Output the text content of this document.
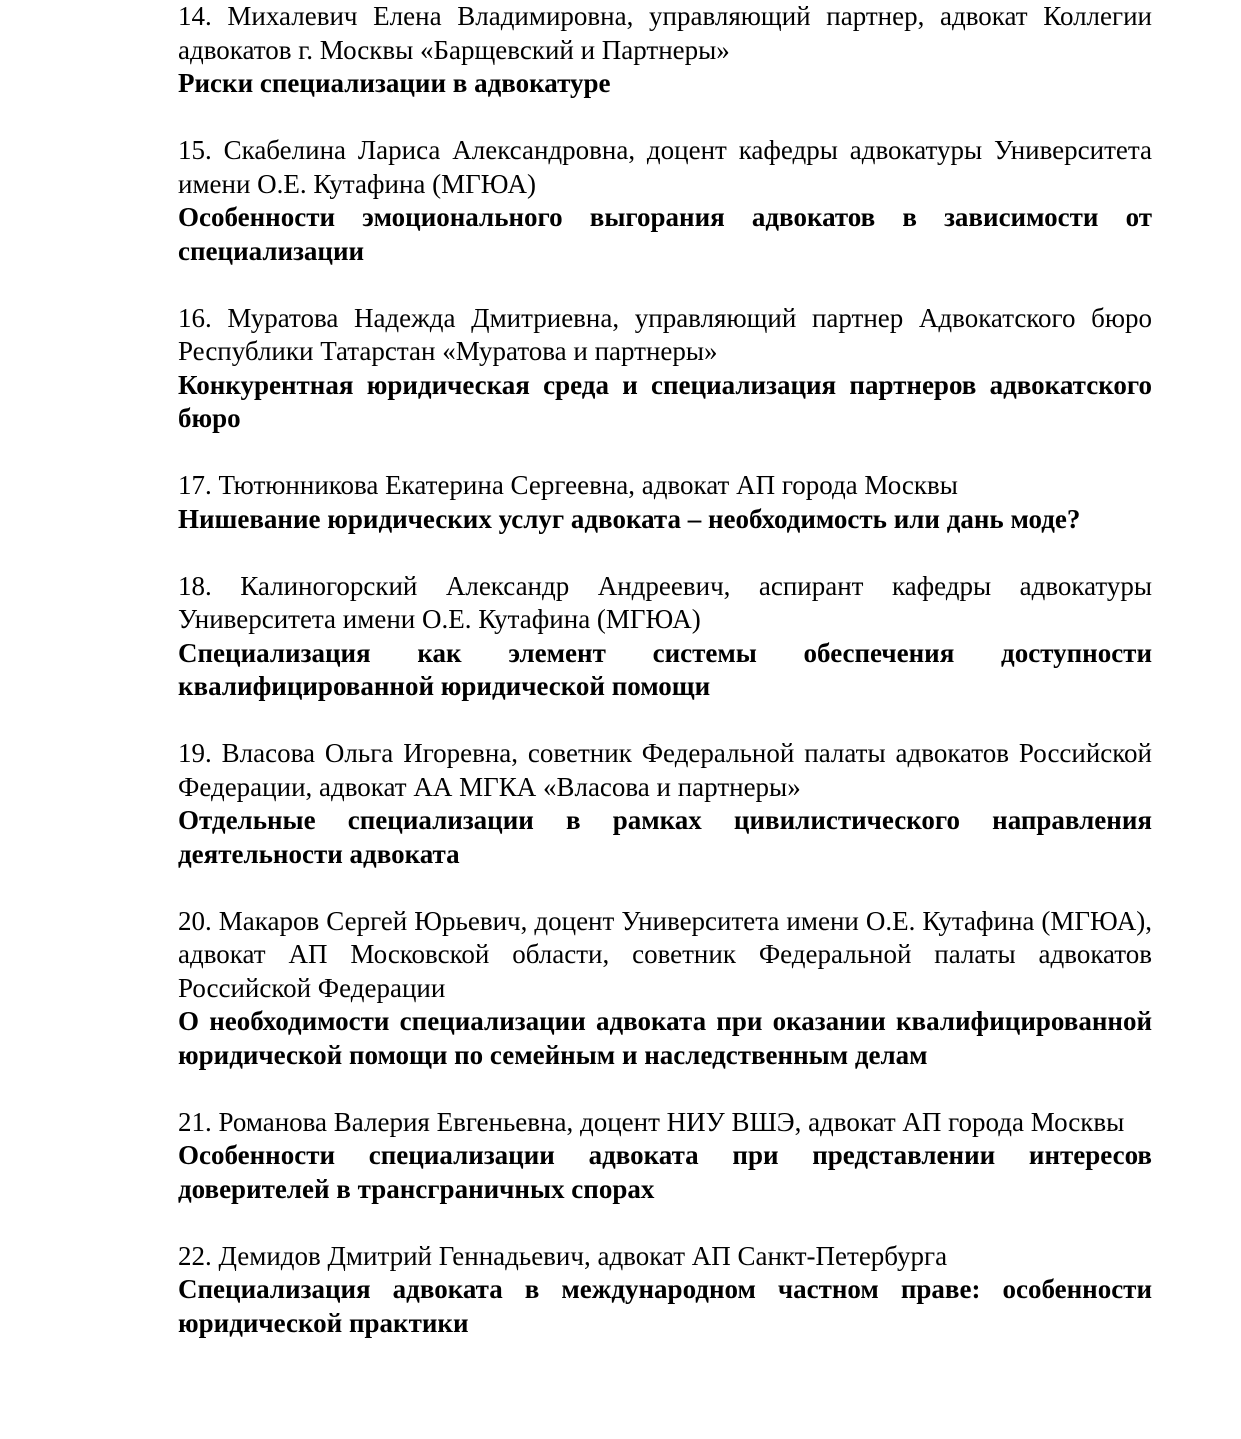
14. Михалевич Елена Владимировна, управляющий партнер, адвокат Коллегии адвокатов г. Москвы «Барщевский и Партнеры»

Риски специализации в адвокатуре

15. Скабелина Лариса Александровна, доцент кафедры адвокатуры Университета имени О.Е. Кутафина (МГЮА)

Особенности эмоционального выгорания адвокатов в зависимости от специализации

16. Муратова Надежда Дмитриевна, управляющий партнер Адвокатского бюро Республики Татарстан «Муратова и партнеры»

Конкурентная юридическая среда и специализация партнеров адвокатского бюро

17. Тютюнникова Екатерина Сергеевна, адвокат АП города Москвы

Нишевание юридических услуг адвоката – необходимость или дань моде?

18. Калиногорский Александр Андреевич, аспирант кафедры адвокатуры Университета имени О.Е. Кутафина (МГЮА)

Специализация как элемент системы обеспечения доступности квалифицированной юридической помощи

19. Власова Ольга Игоревна, советник Федеральной палаты адвокатов Российской Федерации, адвокат АА МГКА «Власова и партнеры»

Отдельные специализации в рамках цивилистического направления деятельности адвоката

20. Макаров Сергей Юрьевич, доцент Университета имени О.Е. Кутафина (МГЮА), адвокат АП Московской области, советник Федеральной палаты адвокатов Российской Федерации

О необходимости специализации адвоката при оказании квалифицированной юридической помощи по семейным и наследственным делам

21. Романова Валерия Евгеньевна, доцент НИУ ВШЭ, адвокат АП города Москвы

Особенности специализации адвоката при представлении интересов доверителей в трансграничных спорах

22. Демидов Дмитрий Геннадьевич, адвокат АП Санкт-Петербурга

Специализация адвоката в международном частном праве: особенности юридической практики
